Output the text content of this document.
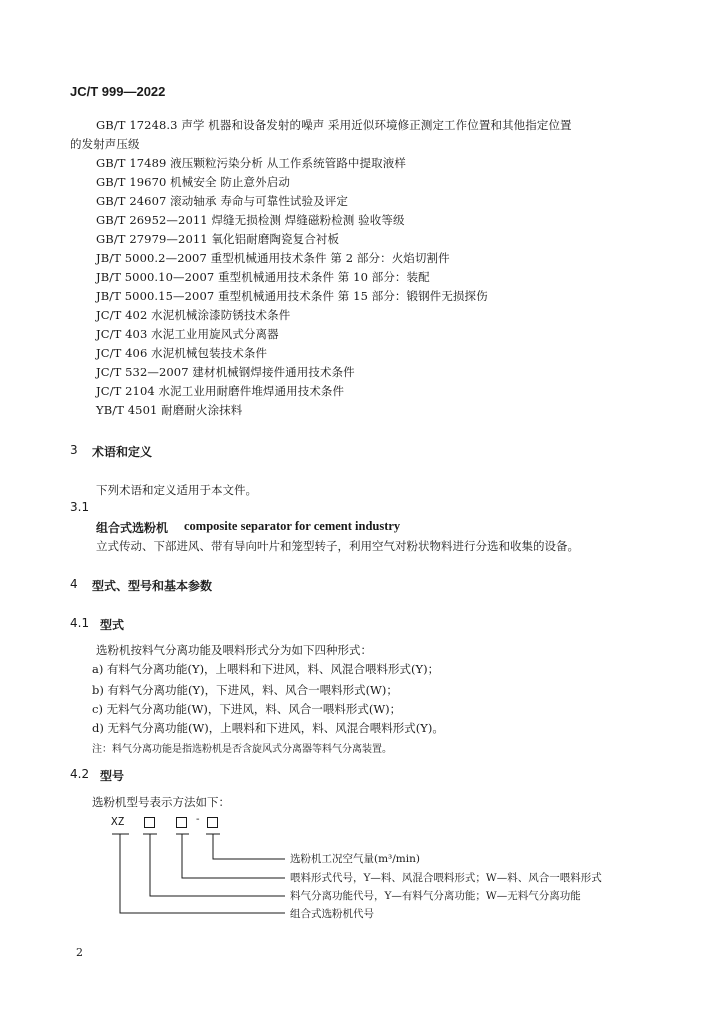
JC/T 999—2022
GB/T 17248.3 声学 机器和设备发射的噪声 采用近似环境修正测定工作位置和其他指定位置
的发射声压级
GB/T 17489 液压颗粒污染分析 从工作系统管路中提取液样
GB/T 19670 机械安全 防止意外启动
GB/T 24607 滚动轴承 寿命与可靠性试验及评定
GB/T 26952—2011 焊缝无损检测 焊缝磁粉检测 验收等级
GB/T 27979—2011 氧化铝耐磨陶瓷复合衬板
JB/T 5000.2—2007 重型机械通用技术条件 第 2 部分：火焰切割件
JB/T 5000.10—2007 重型机械通用技术条件 第 10 部分：装配
JB/T 5000.15—2007 重型机械通用技术条件 第 15 部分：锻钢件无损探伤
JC/T 402 水泥机械涂漆防锈技术条件
JC/T 403 水泥工业用旋风式分离器
JC/T 406 水泥机械包装技术条件
JC/T 532—2007 建材机械钢焊接件通用技术条件
JC/T 2104 水泥工业用耐磨件堆焊通用技术条件
YB/T 4501 耐磨耐火涂抹料
3 术语和定义
下列术语和定义适用于本文件。
3.1
组合式选粉机 composite separator for cement industry
立式传动、下部进风、带有导向叶片和笼型转子，利用空气对粉状物料进行分选和收集的设备。
4 型式、型号和基本参数
4.1 型式
选粉机按料气分离功能及喂料形式分为如下四种形式：
a) 有料气分离功能(Y)，上喂料和下进风，料、风混合喂料形式(Y)；
b) 有料气分离功能(Y)，下进风，料、风合一喂料形式(W)；
c) 无料气分离功能(W)，下进风，料、风合一喂料形式(W)；
d) 无料气分离功能(W)，上喂料和下进风，料、风混合喂料形式(Y)。
注：料气分离功能是指选粉机是否含旋风式分离器等料气分离装置。
4.2 型号
选粉机型号表示方法如下：
XZ	-
选粉机工况空气量(m³/min)
喂料形式代号，Y—料、风混合喂料形式；W—料、风合一喂料形式
料气分离功能代号，Y—有料气分离功能；W—无料气分离功能
组合式选粉机代号
2
